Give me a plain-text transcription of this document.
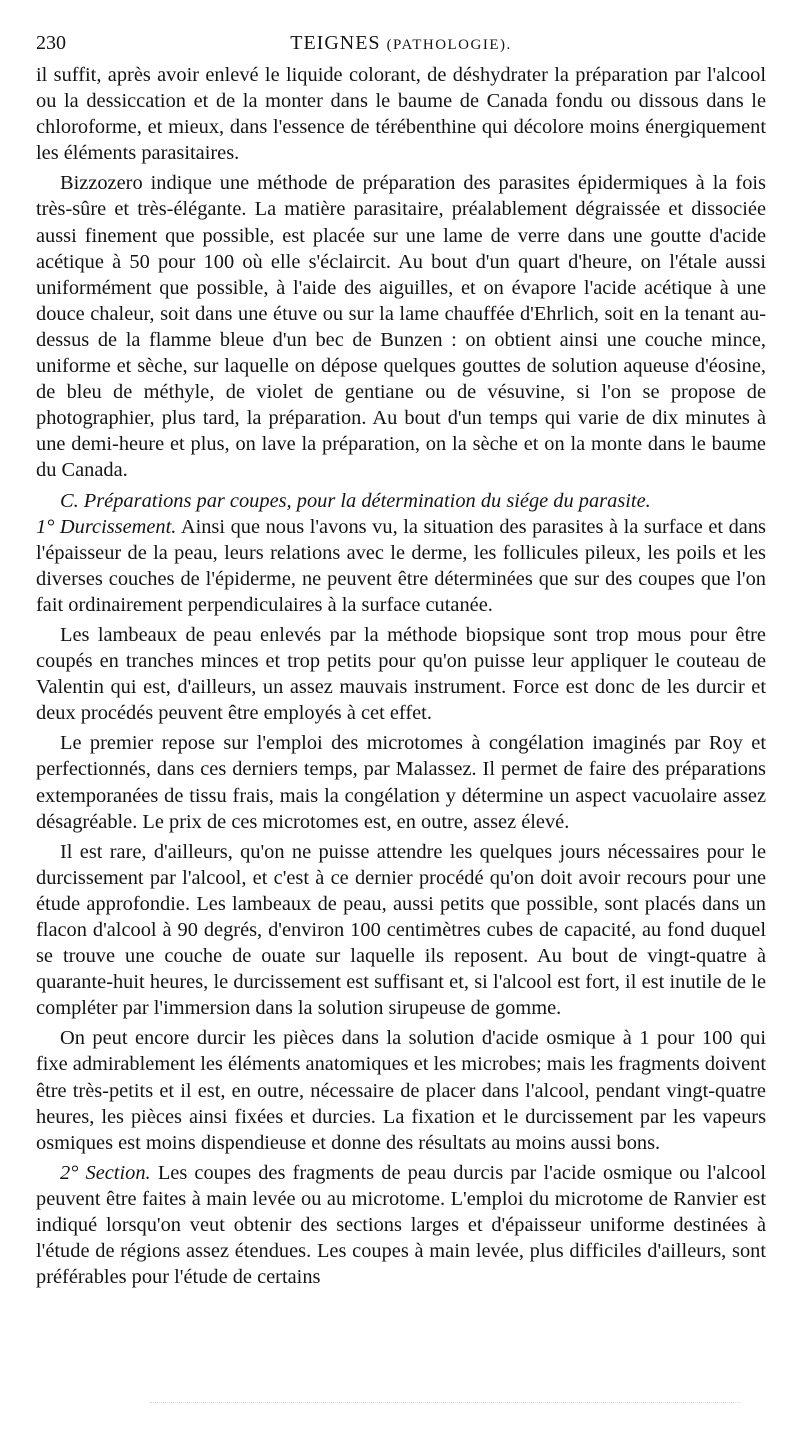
230	TEIGNES (PATHOLOGIE).

il suffit, après avoir enlevé le liquide colorant, de déshydrater la préparation par l'alcool ou la dessiccation et de la monter dans le baume de Canada fondu ou dissous dans le chloroforme, et mieux, dans l'essence de térébenthine qui décolore moins énergiquement les éléments parasitaires.

Bizzozero indique une méthode de préparation des parasites épidermiques à la fois très-sûre et très-élégante. La matière parasitaire, préalablement dégraissée et dissociée aussi finement que possible, est placée sur une lame de verre dans une goutte d'acide acétique à 50 pour 100 où elle s'éclaircit. Au bout d'un quart d'heure, on l'étale aussi uniformément que possible, à l'aide des aiguilles, et on évapore l'acide acétique à une douce chaleur, soit dans une étuve ou sur la lame chauffée d'Ehrlich, soit en la tenant au-dessus de la flamme bleue d'un bec de Bunzen : on obtient ainsi une couche mince, uniforme et sèche, sur laquelle on dépose quelques gouttes de solution aqueuse d'éosine, de bleu de méthyle, de violet de gentiane ou de vésuvine, si l'on se propose de photographier, plus tard, la préparation. Au bout d'un temps qui varie de dix minutes à une demi-heure et plus, on lave la préparation, on la sèche et on la monte dans le baume du Canada.

C. Préparations par coupes, pour la détermination du siége du parasite.

1° Durcissement. Ainsi que nous l'avons vu, la situation des parasites à la surface et dans l'épaisseur de la peau, leurs relations avec le derme, les follicules pileux, les poils et les diverses couches de l'épiderme, ne peuvent être déterminées que sur des coupes que l'on fait ordinairement perpendiculaires à la surface cutanée.

Les lambeaux de peau enlevés par la méthode biopsique sont trop mous pour être coupés en tranches minces et trop petits pour qu'on puisse leur appliquer le couteau de Valentin qui est, d'ailleurs, un assez mauvais instrument. Force est donc de les durcir et deux procédés peuvent être employés à cet effet.

Le premier repose sur l'emploi des microtomes à congélation imaginés par Roy et perfectionnés, dans ces derniers temps, par Malassez. Il permet de faire des préparations extemporanées de tissu frais, mais la congélation y détermine un aspect vacuolaire assez désagréable. Le prix de ces microtomes est, en outre, assez élevé.

Il est rare, d'ailleurs, qu'on ne puisse attendre les quelques jours nécessaires pour le durcissement par l'alcool, et c'est à ce dernier procédé qu'on doit avoir recours pour une étude approfondie. Les lambeaux de peau, aussi petits que possible, sont placés dans un flacon d'alcool à 90 degrés, d'environ 100 centimètres cubes de capacité, au fond duquel se trouve une couche de ouate sur laquelle ils reposent. Au bout de vingt-quatre à quarante-huit heures, le durcissement est suffisant et, si l'alcool est fort, il est inutile de le compléter par l'immersion dans la solution sirupeuse de gomme.

On peut encore durcir les pièces dans la solution d'acide osmique à 1 pour 100 qui fixe admirablement les éléments anatomiques et les microbes; mais les fragments doivent être très-petits et il est, en outre, nécessaire de placer dans l'alcool, pendant vingt-quatre heures, les pièces ainsi fixées et durcies. La fixation et le durcissement par les vapeurs osmiques est moins dispendieuse et donne des résultats au moins aussi bons.

2° Section. Les coupes des fragments de peau durcis par l'acide osmique ou l'alcool peuvent être faites à main levée ou au microtome. L'emploi du microtome de Ranvier est indiqué lorsqu'on veut obtenir des sections larges et d'épaisseur uniforme destinées à l'étude de régions assez étendues. Les coupes à main levée, plus difficiles d'ailleurs, sont préférables pour l'étude de certains
